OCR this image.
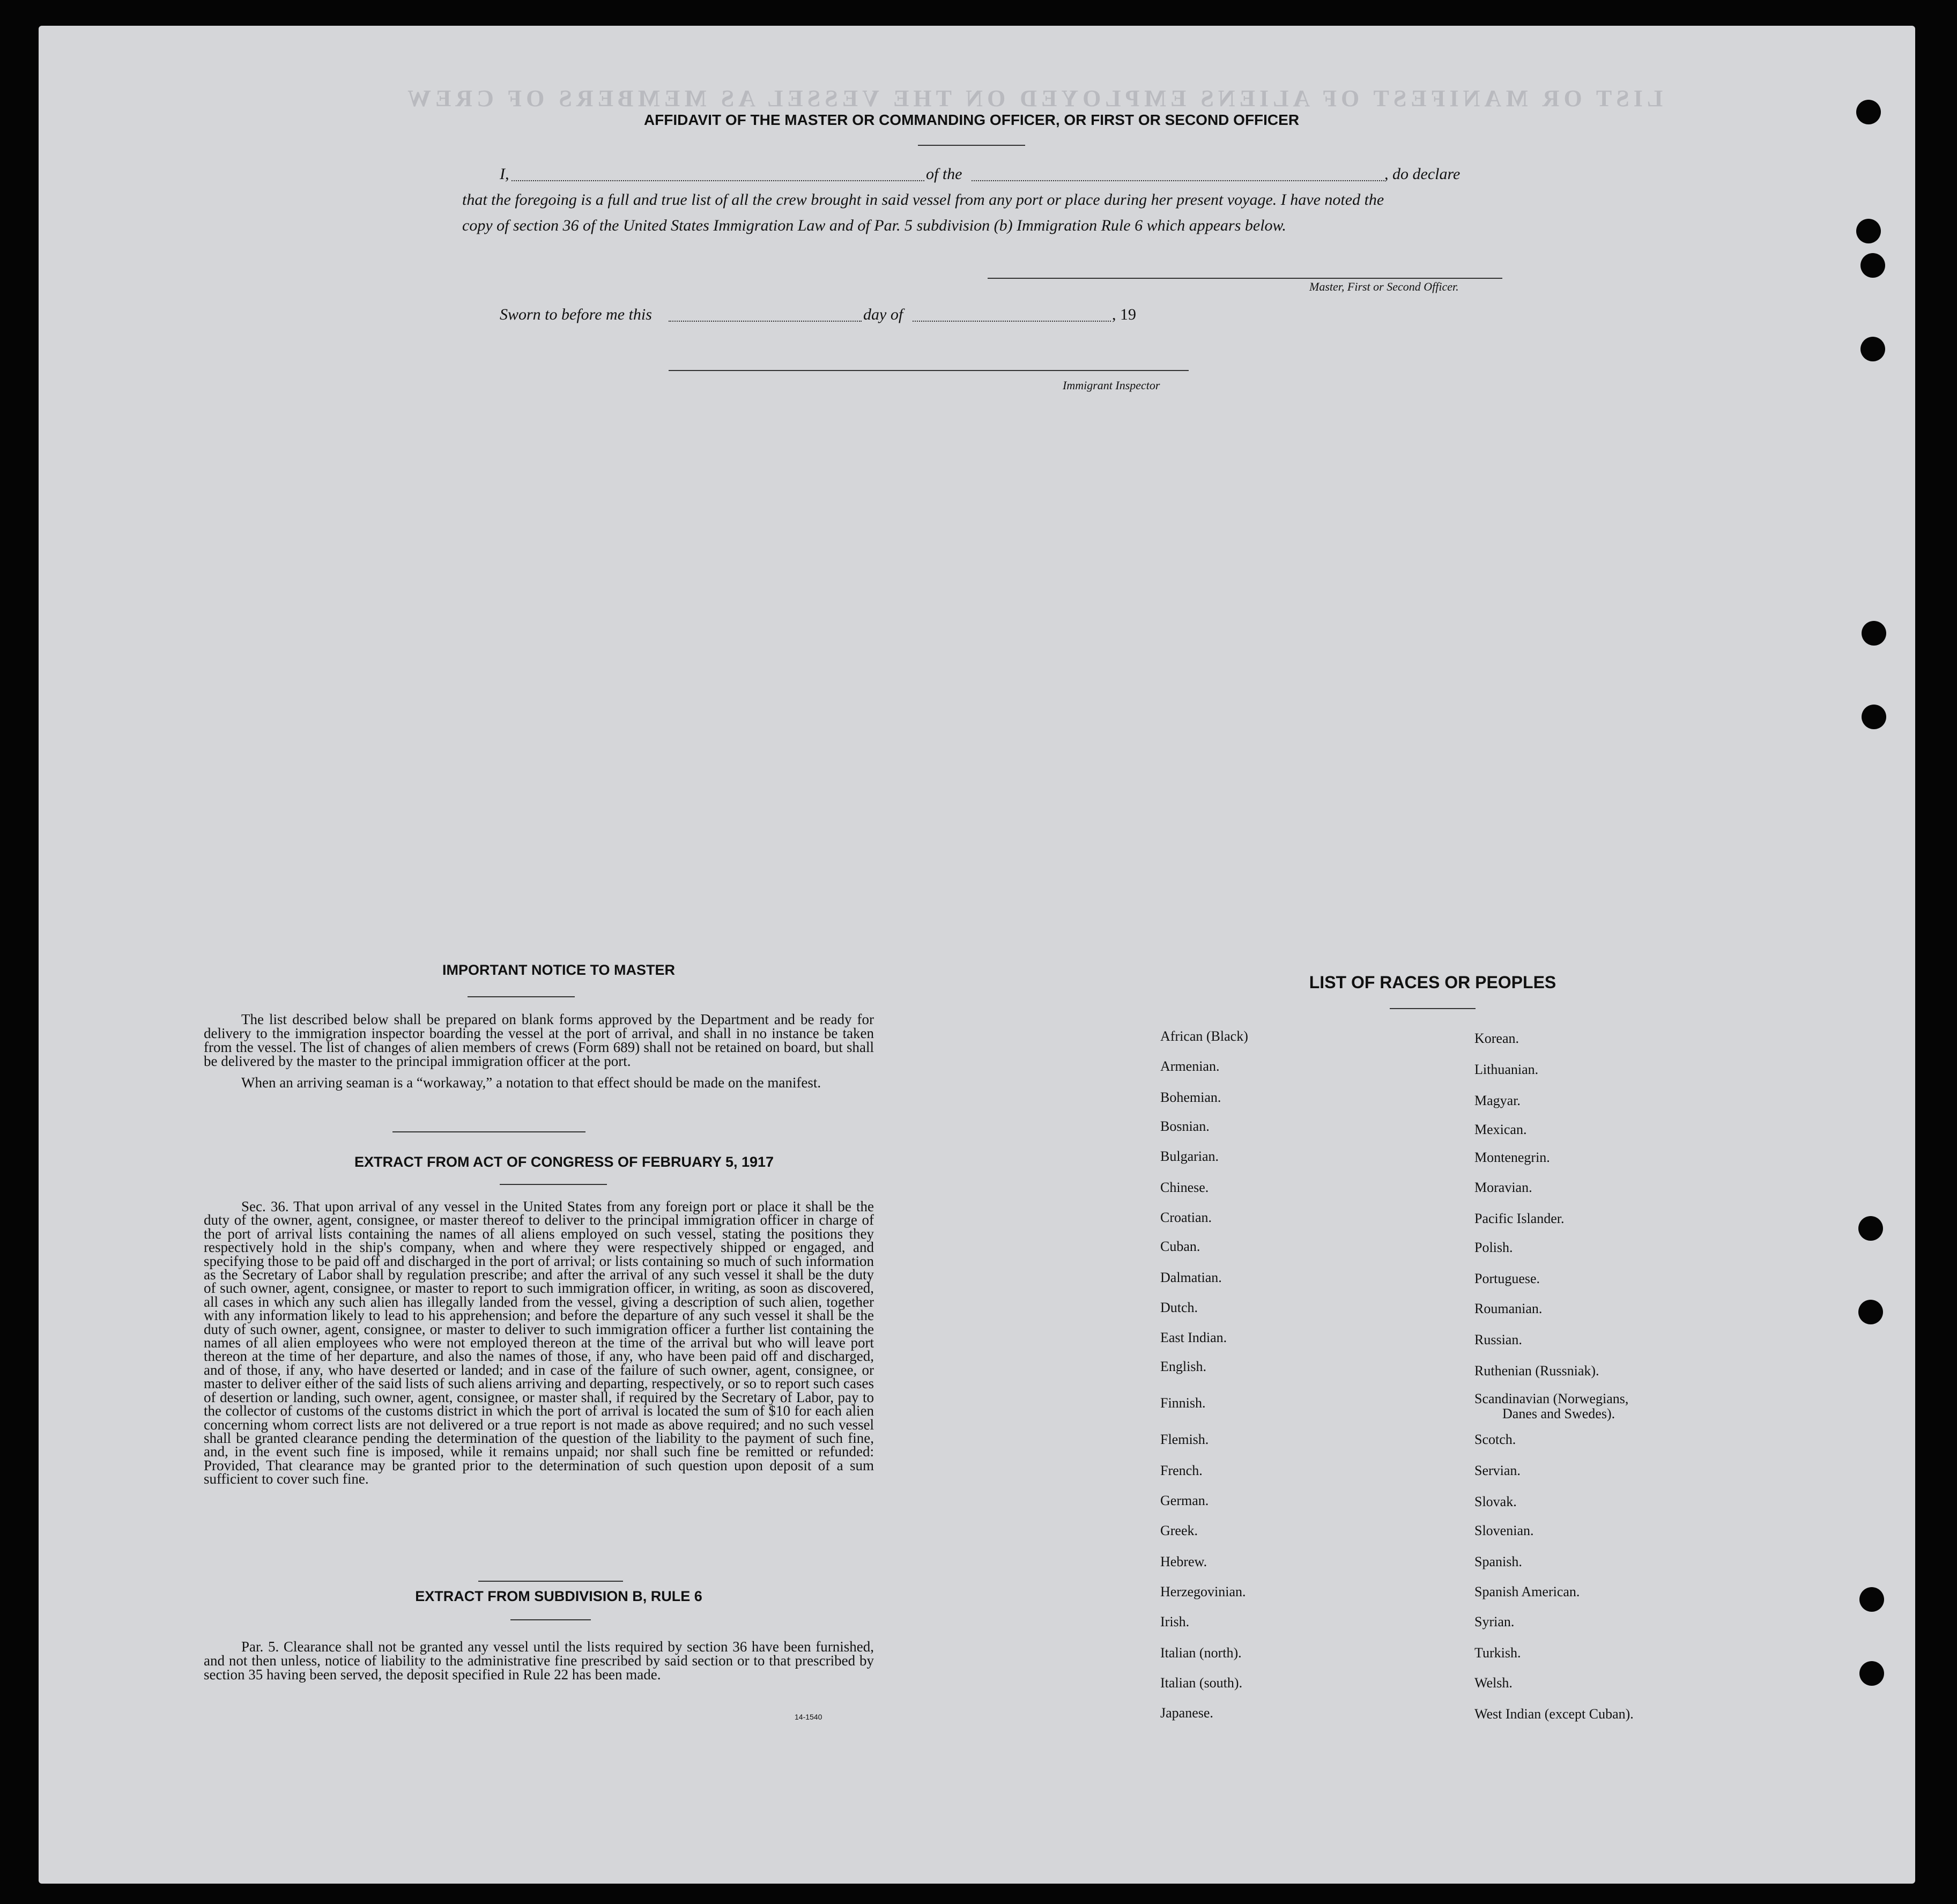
LIST OR MANIFEST OF ALIENS EMPLOYED ON THE VESSEL AS MEMBERS OF CREW
AFFIDAVIT OF THE MASTER OR COMMANDING OFFICER, OR FIRST OR SECOND OFFICER
I,	of the	, do declare
that the foregoing is a full and true list of all the crew brought in said vessel from any port or place during her present voyage. I have noted the
copy of section 36 of the United States Immigration Law and of Par. 5 subdivision (b) Immigration Rule 6 which appears below.
Master, First or Second Officer.
Sworn to before me this	day of	, 19
Immigrant Inspector
IMPORTANT NOTICE TO MASTER
The list described below shall be prepared on blank forms approved by the Department and be ready for delivery to the immigration inspector boarding the vessel at the port of arrival, and shall in no instance be taken from the vessel. The list of changes of alien members of crews (Form 689) shall not be retained on board, but shall be delivered by the master to the principal immigration officer at the port.
When an arriving seaman is a “workaway,” a notation to that effect should be made on the manifest.
EXTRACT FROM ACT OF CONGRESS OF FEBRUARY 5, 1917
Sec. 36. That upon arrival of any vessel in the United States from any foreign port or place it shall be the duty of the owner, agent, consignee, or master thereof to deliver to the principal immigration officer in charge of the port of arrival lists containing the names of all aliens employed on such vessel, stating the positions they respectively hold in the ship's company, when and where they were respectively shipped or engaged, and specifying those to be paid off and discharged in the port of arrival; or lists containing so much of such information as the Secretary of Labor shall by regulation prescribe; and after the arrival of any such vessel it shall be the duty of such owner, agent, consignee, or master to report to such immigration officer, in writing, as soon as discovered, all cases in which any such alien has illegally landed from the vessel, giving a description of such alien, together with any information likely to lead to his apprehension; and before the departure of any such vessel it shall be the duty of such owner, agent, consignee, or master to deliver to such immigration officer a further list containing the names of all alien employees who were not employed thereon at the time of the arrival but who will leave port thereon at the time of her departure, and also the names of those, if any, who have been paid off and discharged, and of those, if any, who have deserted or landed; and in case of the failure of such owner, agent, consignee, or master to deliver either of the said lists of such aliens arriving and departing, respectively, or so to report such cases of desertion or landing, such owner, agent, consignee, or master shall, if required by the Secretary of Labor, pay to the collector of customs of the customs district in which the port of arrival is located the sum of $10 for each alien concerning whom correct lists are not delivered or a true report is not made as above required; and no such vessel shall be granted clearance pending the determination of the question of the liability to the payment of such fine, and, in the event such fine is imposed, while it remains unpaid; nor shall such fine be remitted or refunded: Provided, That clearance may be granted prior to the determination of such question upon deposit of a sum sufficient to cover such fine.
EXTRACT FROM SUBDIVISION B, RULE 6
Par. 5. Clearance shall not be granted any vessel until the lists required by section 36 have been furnished, and not then unless, notice of liability to the administrative fine prescribed by said section or to that prescribed by section 35 having been served, the deposit specified in Rule 22 has been made.
14-1540
LIST OF RACES OR PEOPLES
African (Black)
Armenian.
Bohemian.
Bosnian.
Bulgarian.
Chinese.
Croatian.
Cuban.
Dalmatian.
Dutch.
East Indian.
English.
Finnish.
Flemish.
French.
German.
Greek.
Hebrew.
Herzegovinian.
Irish.
Italian (north).
Italian (south).
Japanese.
Korean.
Lithuanian.
Magyar.
Mexican.
Montenegrin.
Moravian.
Pacific Islander.
Polish.
Portuguese.
Roumanian.
Russian.
Ruthenian (Russniak).
Scandinavian (Norwegians,
Scotch.
Servian.
Slovak.
Slovenian.
Spanish.
Spanish American.
Syrian.
Turkish.
Welsh.
West Indian (except Cuban).
Danes and Swedes).
